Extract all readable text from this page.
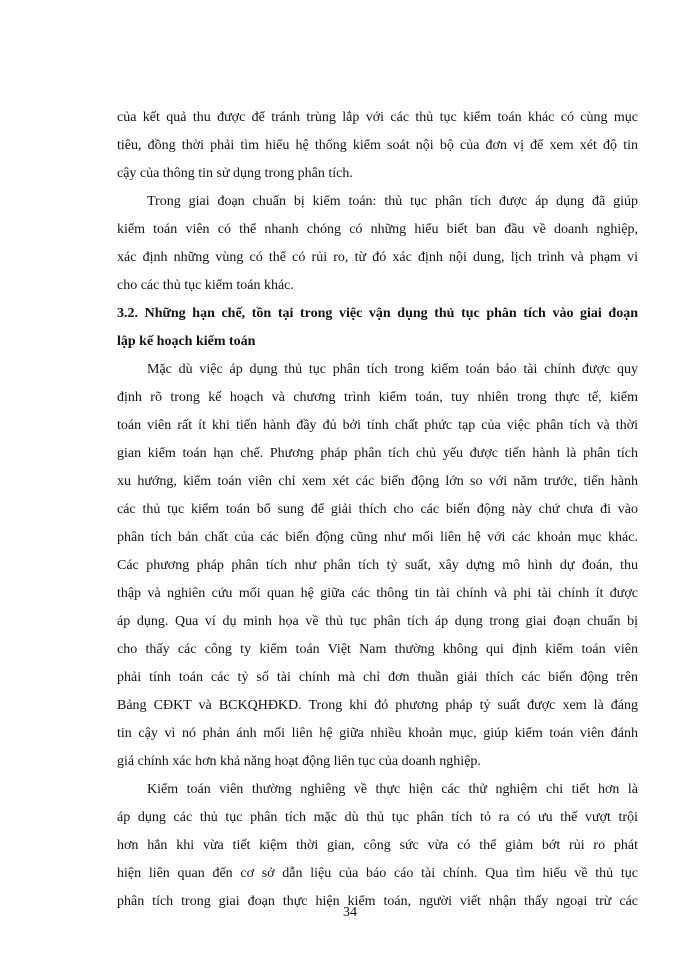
của kết quả thu được để tránh trùng lắp với các thủ tục kiểm toán khác có cùng mục
tiêu, đồng thời phải tìm hiểu hệ thống kiểm soát nội bộ của đơn vị để xem xét độ tin
cậy của thông tin sử dụng trong phân tích.
Trong giai đoạn chuẩn bị kiểm toán: thủ tục phân tích được áp dụng đã giúp
kiểm toán viên có thể nhanh chóng có những hiểu biết ban đầu về doanh nghiệp,
xác định những vùng có thể có rủi ro, từ đó xác định nội dung, lịch trình và phạm vi
cho các thủ tục kiểm toán khác.
3.2. Những hạn chế, tồn tại trong việc vận dụng thủ tục phân tích vào giai đoạn
lập kế hoạch kiểm toán
Mặc dù việc áp dụng thủ tục phân tích trong kiểm toán báo tài chính được quy
định rõ trong kế hoạch và chương trình kiểm toán, tuy nhiên trong thực tế, kiểm
toán viên rất ít khi tiến hành đầy đủ bởi tính chất phức tạp của việc phân tích và thời
gian kiểm toán hạn chế. Phương pháp phân tích chủ yếu được tiến hành là phân tích
xu hướng, kiểm toán viên chỉ xem xét các biến động lớn so với năm trước, tiến hành
các thủ tục kiểm toán bổ sung để giải thích cho các biến động này chứ chưa đi vào
phân tích bản chất của các biến động cũng như mối liên hệ với các khoản mục khác.
Các phương pháp phân tích như phân tích tỷ suất, xây dựng mô hình dự đoán, thu
thập và nghiên cứu mối quan hệ giữa các thông tin tài chính và phi tài chính ít được
áp dụng. Qua ví dụ minh họa về thủ tục phân tích áp dụng trong giai đoạn chuẩn bị
cho thấy các công ty kiểm toán Việt Nam thường không qui định kiểm toán viên
phải tính toán các tỷ số tài chính mà chỉ đơn thuần giải thích các biến động trên
Bảng CĐKT và BCKQHĐKD. Trong khi đó phương pháp tỷ suất được xem là đáng
tin cậy vì nó phản ánh mối liên hệ giữa nhiều khoản mục, giúp kiểm toán viên đánh
giá chính xác hơn khả năng hoạt động liên tục của doanh nghiệp.
Kiểm toán viên thường nghiêng về thực hiện các thử nghiệm chi tiết hơn là
áp dụng các thủ tục phân tích mặc dù thủ tục phân tích tỏ ra có ưu thế vượt trội
hơn hẳn khi vừa tiết kiệm thời gian, công sức vừa có thể giảm bớt rủi ro phát
hiện liên quan đến cơ sở dẫn liệu của báo cáo tài chính. Qua tìm hiểu về thủ tục
phân tích trong giai đoạn thực hiện kiểm toán, người viết nhận thấy ngoại trừ các
34
